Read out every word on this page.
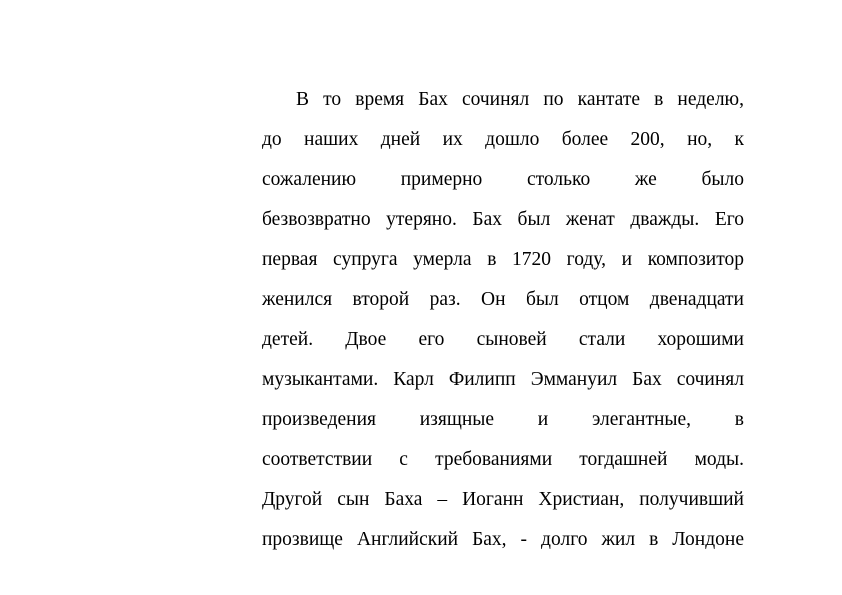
В то время Бах сочинял по кантате в неделю,
до нaших дней их дошло более 200, но, к
сожалению примерно столько же было
безвозвратно утеряно. Бах был женат дважды. Его
первая супруга умерла в 1720 году, и композитор
женился второй раз. Он был отцом двенадцати
детей. Двое его сыновей стали хорошими
музыкантами. Карл Филипп Эммануил Бах сочинял
произведения изящные и элегантные, в
соответствии с требованиями тогдашней моды.
Другой сын Баха – Иоганн Христиан, получивший
прозвище Английский Бах, - долго жил в Лондоне
